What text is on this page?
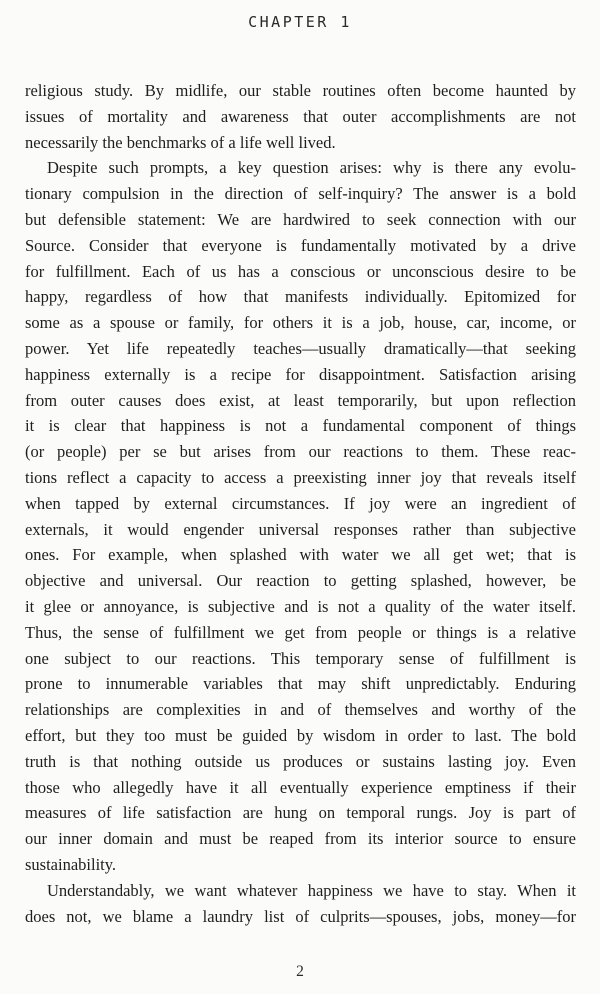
CHAPTER 1
religious study. By midlife, our stable routines often become haunted by
issues of mortality and awareness that outer accomplishments are not
necessarily the benchmarks of a life well lived.
Despite such prompts, a key question arises: why is there any evolu-
tionary compulsion in the direction of self-inquiry? The answer is a bold
but defensible statement: We are hardwired to seek connection with our
Source. Consider that everyone is fundamentally motivated by a drive
for fulfillment. Each of us has a conscious or unconscious desire to be
happy, regardless of how that manifests individually. Epitomized for
some as a spouse or family, for others it is a job, house, car, income, or
power. Yet life repeatedly teaches—usually dramatically—that seeking
happiness externally is a recipe for disappointment. Satisfaction arising
from outer causes does exist, at least temporarily, but upon reflection
it is clear that happiness is not a fundamental component of things
(or people) per se but arises from our reactions to them. These reac-
tions reflect a capacity to access a preexisting inner joy that reveals itself
when tapped by external circumstances. If joy were an ingredient of
externals, it would engender universal responses rather than subjective
ones. For example, when splashed with water we all get wet; that is
objective and universal. Our reaction to getting splashed, however, be
it glee or annoyance, is subjective and is not a quality of the water itself.
Thus, the sense of fulfillment we get from people or things is a relative
one subject to our reactions. This temporary sense of fulfillment is
prone to innumerable variables that may shift unpredictably. Enduring
relationships are complexities in and of themselves and worthy of the
effort, but they too must be guided by wisdom in order to last. The bold
truth is that nothing outside us produces or sustains lasting joy. Even
those who allegedly have it all eventually experience emptiness if their
measures of life satisfaction are hung on temporal rungs. Joy is part of
our inner domain and must be reaped from its interior source to ensure
sustainability.
Understandably, we want whatever happiness we have to stay. When it
does not, we blame a laundry list of culprits—spouses, jobs, money—for
2
